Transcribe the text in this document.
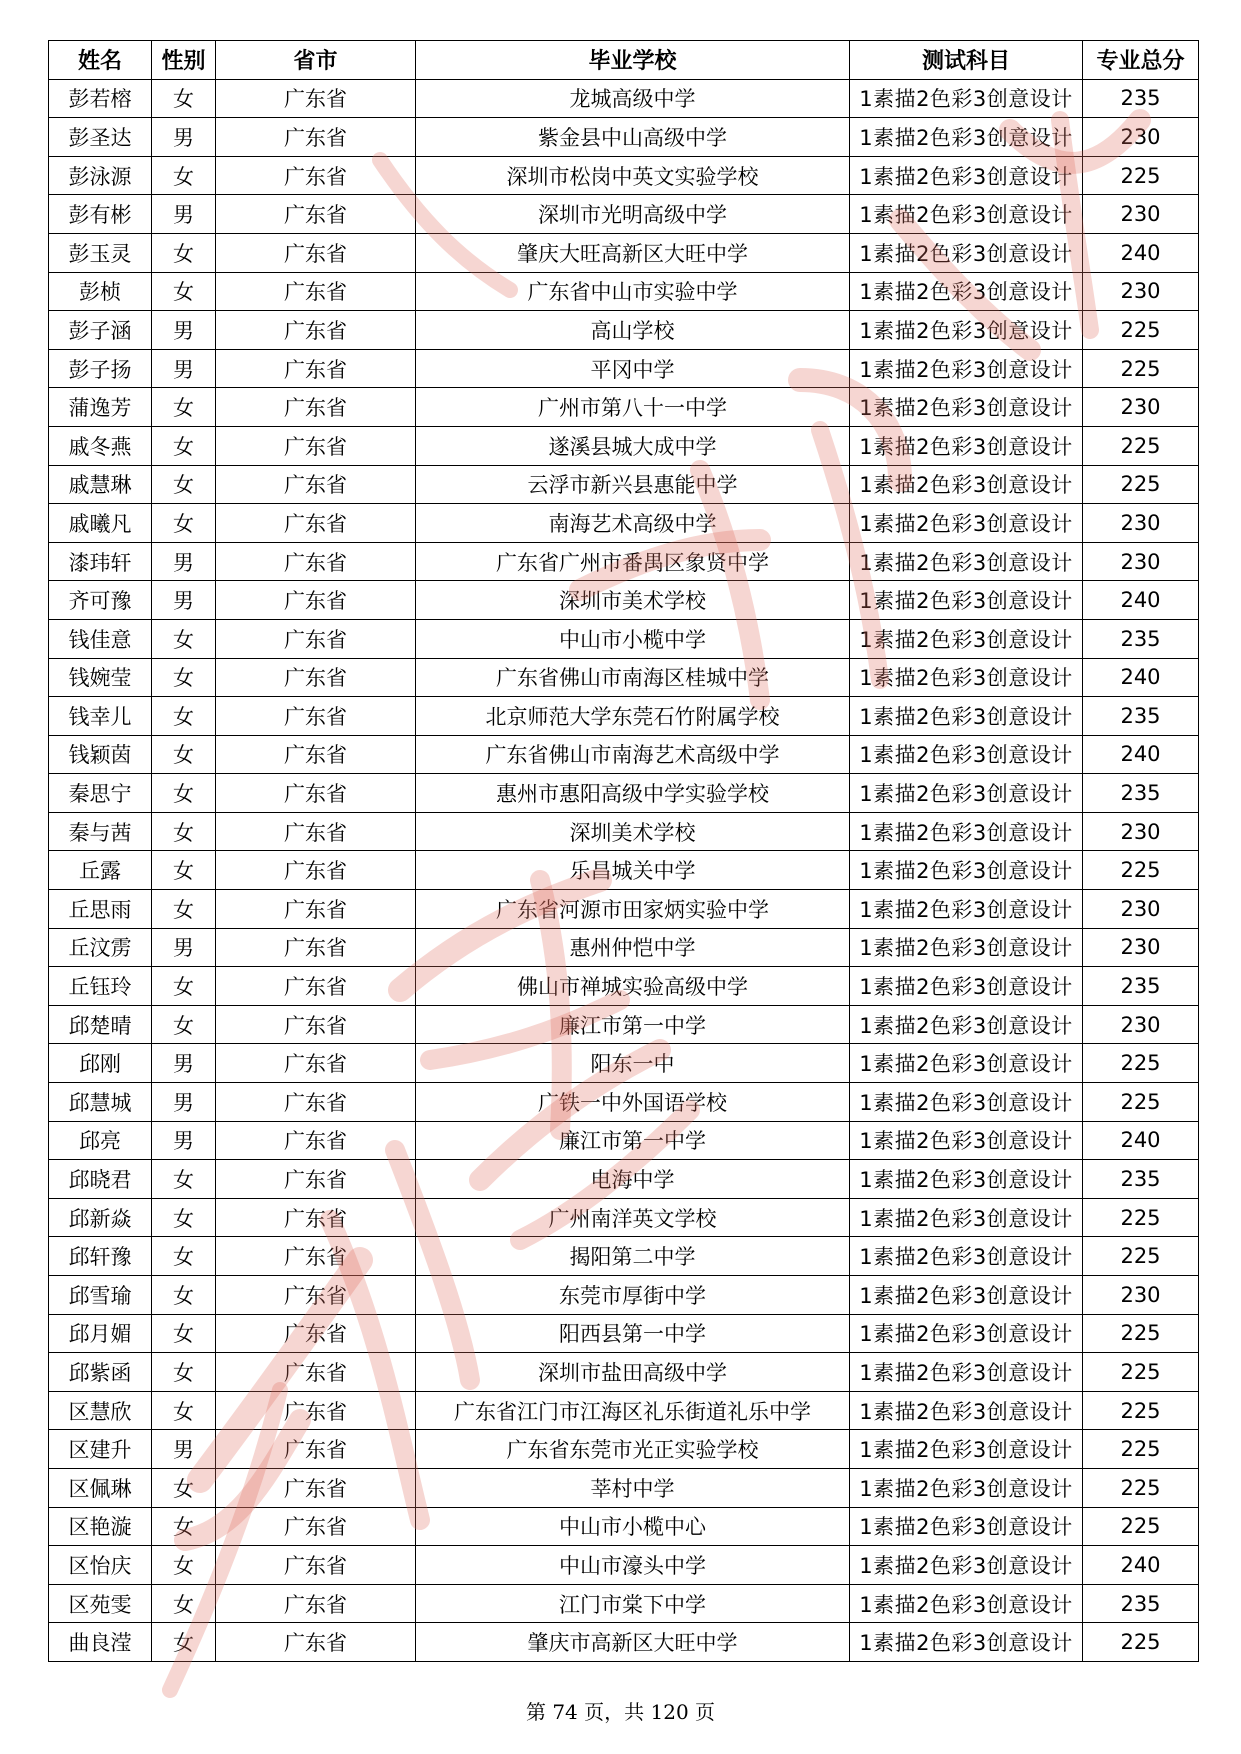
姓名	性别	省市	毕业学校	测试科目	专业总分
彭若榕	女	广东省	龙城高级中学	1素描2色彩3创意设计	235
彭圣达	男	广东省	紫金县中山高级中学	1素描2色彩3创意设计	230
彭泳源	女	广东省	深圳市松岗中英文实验学校	1素描2色彩3创意设计	225
彭有彬	男	广东省	深圳市光明高级中学	1素描2色彩3创意设计	230
彭玉灵	女	广东省	肇庆大旺高新区大旺中学	1素描2色彩3创意设计	240
彭桢	女	广东省	广东省中山市实验中学	1素描2色彩3创意设计	230
彭子涵	男	广东省	高山学校	1素描2色彩3创意设计	225
彭子扬	男	广东省	平冈中学	1素描2色彩3创意设计	225
蒲逸芳	女	广东省	广州市第八十一中学	1素描2色彩3创意设计	230
戚冬燕	女	广东省	遂溪县城大成中学	1素描2色彩3创意设计	225
戚慧琳	女	广东省	云浮市新兴县惠能中学	1素描2色彩3创意设计	225
戚曦凡	女	广东省	南海艺术高级中学	1素描2色彩3创意设计	230
漆玮轩	男	广东省	广东省广州市番禺区象贤中学	1素描2色彩3创意设计	230
齐可豫	男	广东省	深圳市美术学校	1素描2色彩3创意设计	240
钱佳意	女	广东省	中山市小榄中学	1素描2色彩3创意设计	235
钱婉莹	女	广东省	广东省佛山市南海区桂城中学	1素描2色彩3创意设计	240
钱幸儿	女	广东省	北京师范大学东莞石竹附属学校	1素描2色彩3创意设计	235
钱颖茵	女	广东省	广东省佛山市南海艺术高级中学	1素描2色彩3创意设计	240
秦思宁	女	广东省	惠州市惠阳高级中学实验学校	1素描2色彩3创意设计	235
秦与茜	女	广东省	深圳美术学校	1素描2色彩3创意设计	230
丘露	女	广东省	乐昌城关中学	1素描2色彩3创意设计	225
丘思雨	女	广东省	广东省河源市田家炳实验中学	1素描2色彩3创意设计	230
丘汶雳	男	广东省	惠州仲恺中学	1素描2色彩3创意设计	230
丘钰玲	女	广东省	佛山市禅城实验高级中学	1素描2色彩3创意设计	235
邱楚晴	女	广东省	廉江市第一中学	1素描2色彩3创意设计	230
邱刚	男	广东省	阳东一中	1素描2色彩3创意设计	225
邱慧城	男	广东省	广铁一中外国语学校	1素描2色彩3创意设计	225
邱亮	男	广东省	廉江市第一中学	1素描2色彩3创意设计	240
邱晓君	女	广东省	电海中学	1素描2色彩3创意设计	235
邱新焱	女	广东省	广州南洋英文学校	1素描2色彩3创意设计	225
邱轩豫	女	广东省	揭阳第二中学	1素描2色彩3创意设计	225
邱雪瑜	女	广东省	东莞市厚街中学	1素描2色彩3创意设计	230
邱月媚	女	广东省	阳西县第一中学	1素描2色彩3创意设计	225
邱紫函	女	广东省	深圳市盐田高级中学	1素描2色彩3创意设计	225
区慧欣	女	广东省	广东省江门市江海区礼乐街道礼乐中学	1素描2色彩3创意设计	225
区建升	男	广东省	广东省东莞市光正实验学校	1素描2色彩3创意设计	225
区佩琳	女	广东省	莘村中学	1素描2色彩3创意设计	225
区艳漩	女	广东省	中山市小榄中心	1素描2色彩3创意设计	225
区怡庆	女	广东省	中山市濠头中学	1素描2色彩3创意设计	240
区苑雯	女	广东省	江门市棠下中学	1素描2色彩3创意设计	235
曲良滢	女	广东省	肇庆市高新区大旺中学	1素描2色彩3创意设计	225
第 74 页，共 120 页
